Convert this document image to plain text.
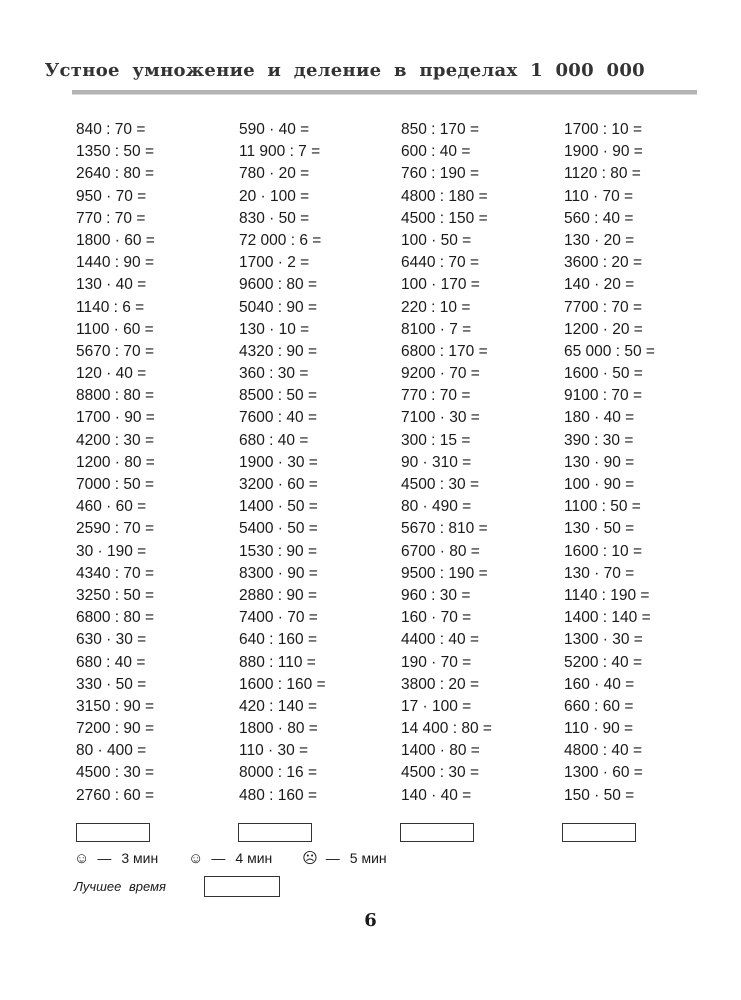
Устное умножение и деление в пределах 1 000 000
840 : 70 =
1350 : 50 =
2640 : 80 =
950 · 70 =
770 : 70 =
1800 · 60 =
1440 : 90 =
130 · 40 =
1140 : 6 =
1100 · 60 =
5670 : 70 =
120 · 40 =
8800 : 80 =
1700 · 90 =
4200 : 30 =
1200 · 80 =
7000 : 50 =
460 · 60 =
2590 : 70 =
30 · 190 =
4340 : 70 =
3250 : 50 =
6800 : 80 =
630 · 30 =
680 : 40 =
330 · 50 =
3150 : 90 =
7200 : 90 =
80 · 400 =
4500 : 30 =
2760 : 60 =
590 · 40 =
11 900 : 7 =
780 · 20 =
20 · 100 =
830 · 50 =
72 000 : 6 =
1700 · 2 =
9600 : 80 =
5040 : 90 =
130 · 10 =
4320 : 90 =
360 : 30 =
8500 : 50 =
7600 : 40 =
680 : 40 =
1900 · 30 =
3200 · 60 =
1400 · 50 =
5400 · 50 =
1530 : 90 =
8300 · 90 =
2880 : 90 =
7400 · 70 =
640 : 160 =
880 : 110 =
1600 : 160 =
420 : 140 =
1800 · 80 =
110 · 30 =
8000 : 16 =
480 : 160 =
850 : 170 =
600 : 40 =
760 : 190 =
4800 : 180 =
4500 : 150 =
100 · 50 =
6440 : 70 =
100 · 170 =
220 : 10 =
8100 · 7 =
6800 : 170 =
9200 · 70 =
770 : 70 =
7100 · 30 =
300 : 15 =
90 · 310 =
4500 : 30 =
80 · 490 =
5670 : 810 =
6700 · 80 =
9500 : 190 =
960 : 30 =
160 · 70 =
4400 : 40 =
190 · 70 =
3800 : 20 =
17 · 100 =
14 400 : 80 =
1400 · 80 =
4500 : 30 =
140 · 40 =
1700 : 10 =
1900 · 90 =
1120 : 80 =
110 · 70 =
560 : 40 =
130 · 20 =
3600 : 20 =
140 · 20 =
7700 : 70 =
1200 · 20 =
65 000 : 50 =
1600 · 50 =
9100 : 70 =
180 · 40 =
390 : 30 =
130 · 90 =
100 · 90 =
1100 : 50 =
130 · 50 =
1600 : 10 =
130 · 70 =
1140 : 190 =
1400 : 140 =
1300 · 30 =
5200 : 40 =
160 · 40 =
660 : 60 =
110 · 90 =
4800 : 40 =
1300 · 60 =
150 · 50 =
☺ — 3 мин ☺ — 4 мин ☹ — 5 мин
Лучшее время
6
